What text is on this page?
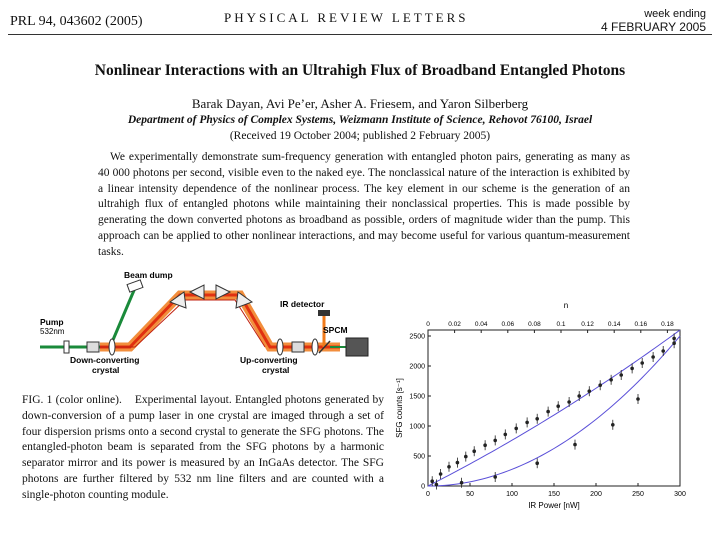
PRL 94, 043602 (2005)	PHYSICAL REVIEW LETTERS	week ending
4 FEBRUARY 2005
Nonlinear Interactions with an Ultrahigh Flux of Broadband Entangled Photons
Barak Dayan, Avi Pe’er, Asher A. Friesem, and Yaron Silberberg
Department of Physics of Complex Systems, Weizmann Institute of Science, Rehovot 76100, Israel
(Received 19 October 2004; published 2 February 2005)
We experimentally demonstrate sum-frequency generation with entangled photon pairs, generating as many as 40 000 photons per second, visible even to the naked eye. The nonclassical nature of the interaction is exhibited by a linear intensity dependence of the nonlinear process. The key element in our scheme is the generation of an ultrahigh flux of entangled photons while maintaining their nonclassical properties. This is made possible by generating the down converted photons as broadband as possible, orders of magnitude wider than the pump. This approach can be applied to other nonlinear interactions, and may become useful for various quantum-measurement tasks.
Beam dump
Pump
532nm
IR detector
SPCM
Down-converting
crystal
Up-converting
crystal
FIG. 1 (color online). Experimental layout. Entangled photons generated by down-conversion of a pump laser in one crystal are imaged through a set of four dispersion prisms onto a second crystal to generate the SFG photons. The entangled-photon beam is separated from the SFG photons by a harmonic separator mirror and its power is measured by an InGaAs detector. The SFG photons are further filtered by 532 nm line filters and are counted with a single-photon counting module.	0	50	100	150	200	250	300
0
500
1000
1500
2000
2500
0	0.02 0.04 0.06 0.08 0.1 0.12 0.14 0.16 0.18
n
IR Power [nW]
SFG counts [s⁻¹]
